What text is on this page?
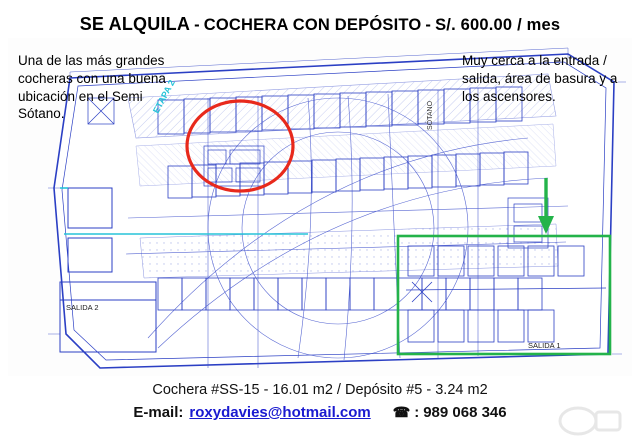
SE ALQUILA - COCHERA CON DEPÓSITO - S/. 600.00 / mes
SALIDA 2
ETAPA 2
SÓTANO
SALIDA 1
Una de las más grandes cocheras con una buena ubicación en el Semi Sótano.
Muy cerca a la entrada / salida, área de basura y a los ascensores.
Cochera #SS-15 - 16.01 m2 / Depósito #5 - 3.24 m2
E-mail: roxydavies@hotmail.com ☎ : 989 068 346
